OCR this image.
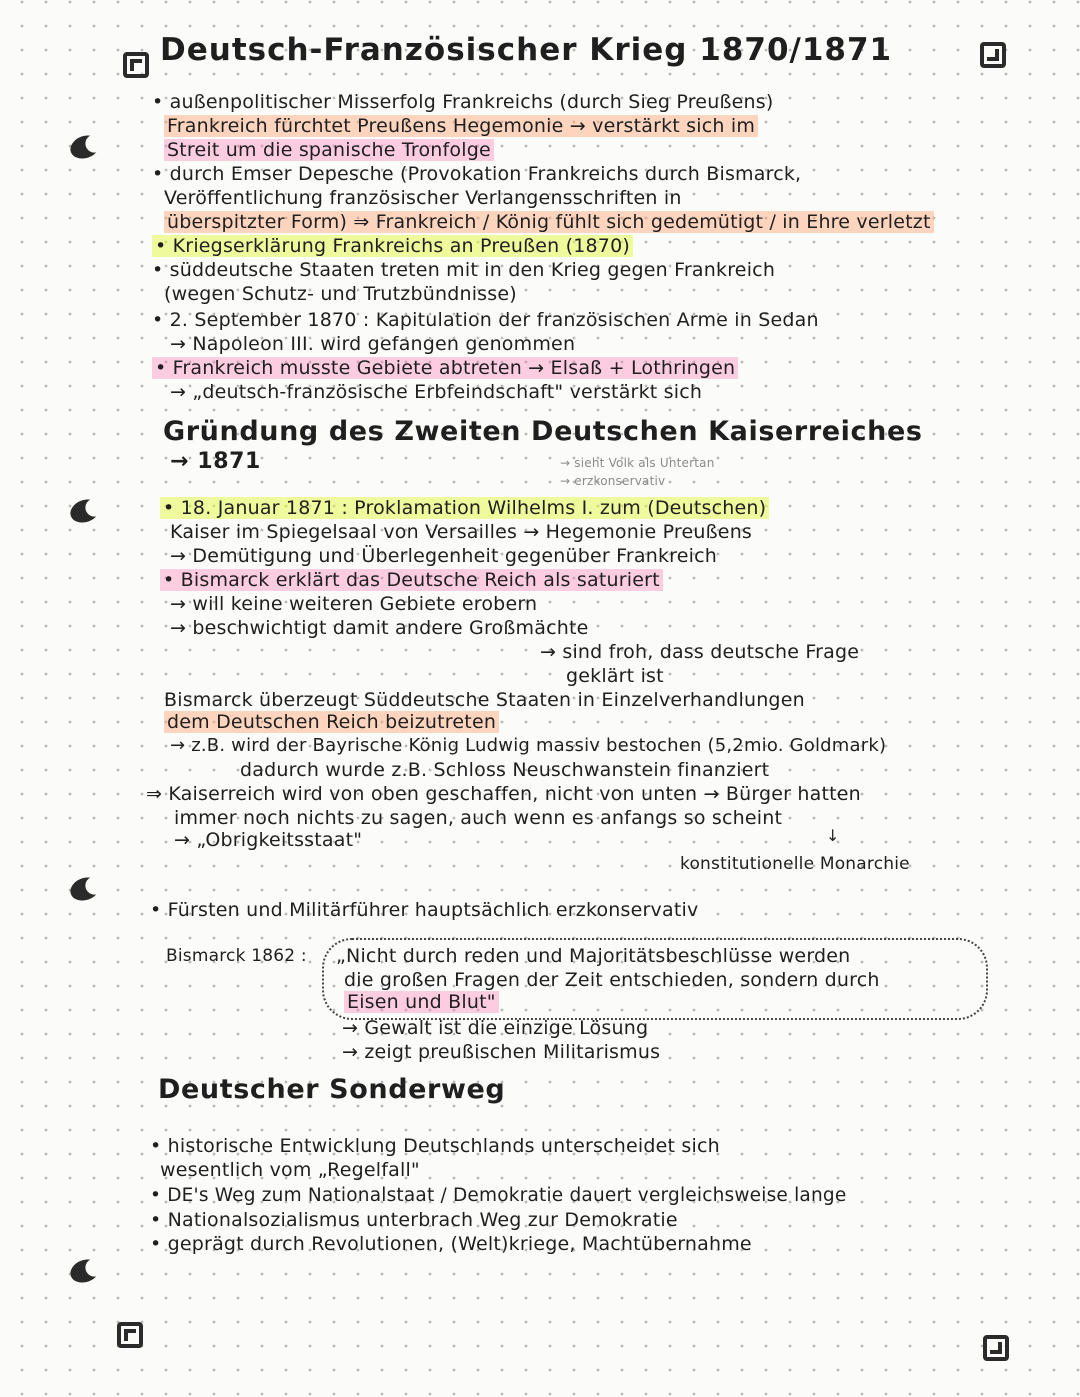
Deutsch-Französischer Krieg 1870/1871
• außenpolitischer Misserfolg Frankreichs (durch Sieg Preußens)
Frankreich fürchtet Preußens Hegemonie → verstärkt sich im
Streit um die spanische Tronfolge
• durch Emser Depesche (Provokation Frankreichs durch Bismarck,
Veröffentlichung französischer Verlangensschriften in
überspitzter Form) ⇒ Frankreich / König fühlt sich gedemütigt / in Ehre verletzt
• Kriegserklärung Frankreichs an Preußen (1870)
• süddeutsche Staaten treten mit in den Krieg gegen Frankreich
(wegen Schutz- und Trutzbündnisse)
• 2. September 1870 : Kapitulation der französischen Arme in Sedan
→ Napoleon III. wird gefangen genommen
• Frankreich musste Gebiete abtreten → Elsaß + Lothringen
→ „deutsch-französische Erbfeindschaft" verstärkt sich
Gründung des Zweiten Deutschen Kaiserreiches
→ 1871	→ sieht Volk als Untertan
→ erzkonservativ
• 18. Januar 1871 : Proklamation Wilhelms I. zum (Deutschen)
Kaiser im Spiegelsaal von Versailles → Hegemonie Preußens
→ Demütigung und Überlegenheit gegenüber Frankreich
• Bismarck erklärt das Deutsche Reich als saturiert
→ will keine weiteren Gebiete erobern
→ beschwichtigt damit andere Großmächte
→ sind froh, dass deutsche Frage
geklärt ist
Bismarck überzeugt Süddeutsche Staaten in Einzelverhandlungen
dem Deutschen Reich beizutreten
→ z.B. wird der Bayrische König Ludwig massiv bestochen (5,2mio. Goldmark)
dadurch wurde z.B. Schloss Neuschwanstein finanziert
⇒ Kaiserreich wird von oben geschaffen, nicht von unten → Bürger hatten
immer noch nichts zu sagen, auch wenn es anfangs so scheint
→ „Obrigkeitsstaat"	↓
konstitutionelle Monarchie
• Fürsten und Militärführer hauptsächlich erzkonservativ
Bismarck 1862 : „Nicht durch reden und Majoritätsbeschlüsse werden
die großen Fragen der Zeit entschieden, sondern durch
Eisen und Blut"
→ Gewalt ist die einzige Lösung
→ zeigt preußischen Militarismus
Deutscher Sonderweg
• historische Entwicklung Deutschlands unterscheidet sich
wesentlich vom „Regelfall"
• DE's Weg zum Nationalstaat / Demokratie dauert vergleichsweise lange
• Nationalsozialismus unterbrach Weg zur Demokratie
• geprägt durch Revolutionen, (Welt)kriege, Machtübernahme
